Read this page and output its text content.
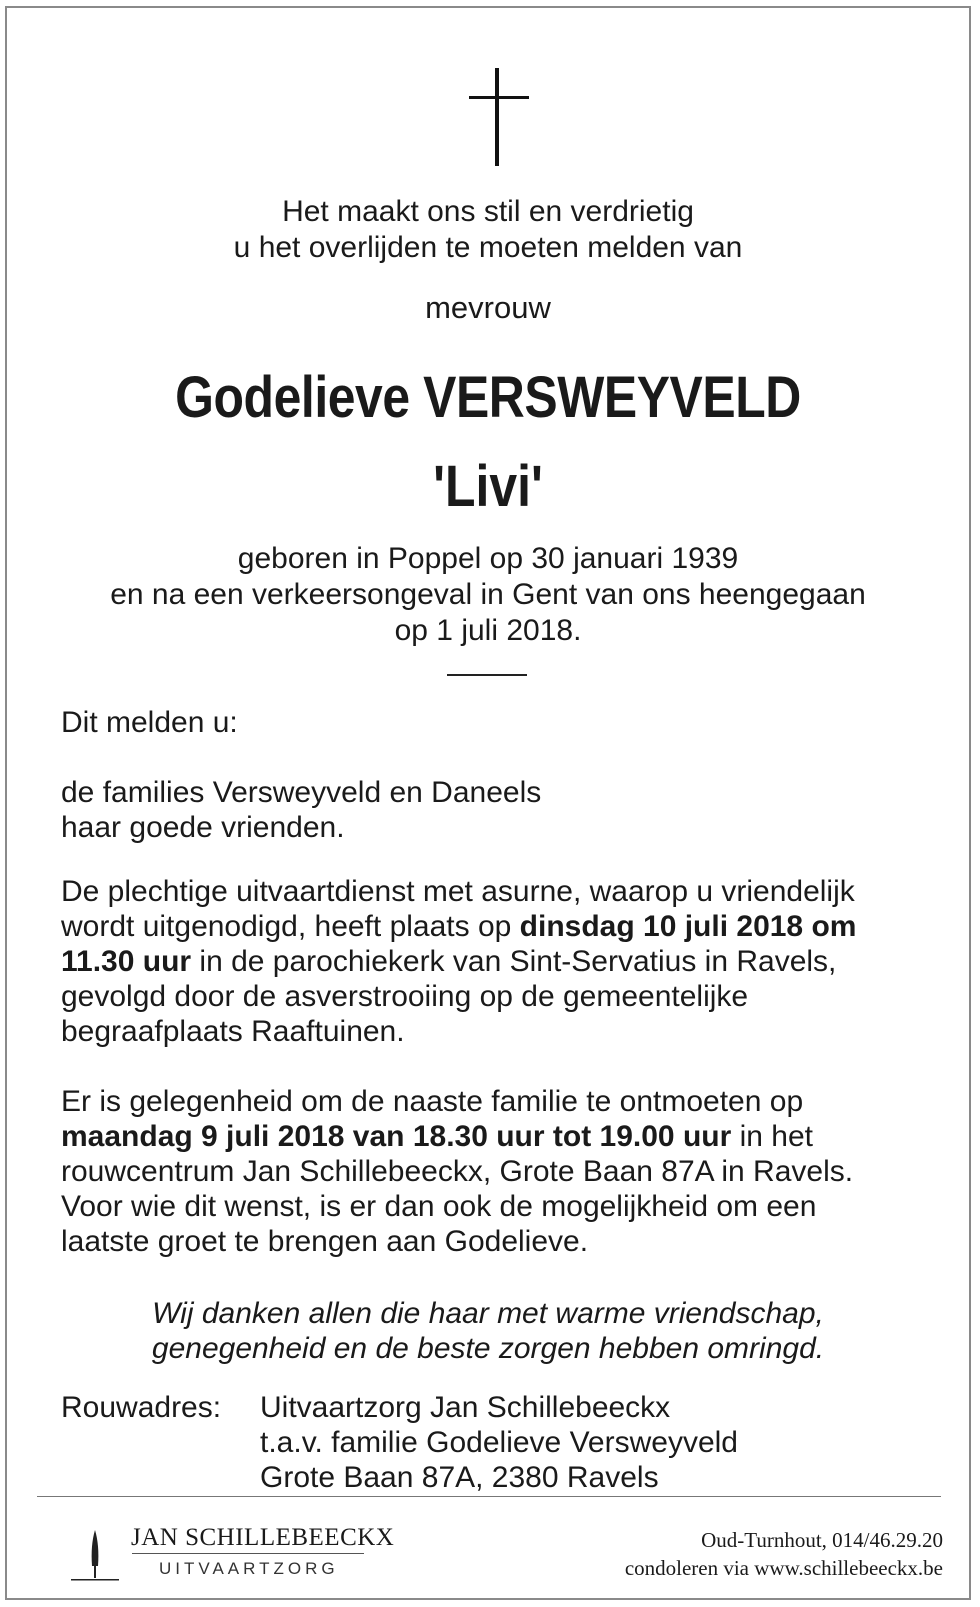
Het maakt ons stil en verdrietig
u het overlijden te moeten melden van
mevrouw
Godelieve VERSWEYVELD
'Livi'
geboren in Poppel op 30 januari 1939
en na een verkeersongeval in Gent van ons heengegaan
op 1 juli 2018.
Dit melden u:
de families Versweyveld en Daneels
haar goede vrienden.
De plechtige uitvaartdienst met asurne, waarop u vriendelijk
wordt uitgenodigd, heeft plaats op dinsdag 10 juli 2018 om
11.30 uur in de parochiekerk van Sint-Servatius in Ravels,
gevolgd door de asverstrooiing op de gemeentelijke
begraafplaats Raaftuinen.
Er is gelegenheid om de naaste familie te ontmoeten op
maandag 9 juli 2018 van 18.30 uur tot 19.00 uur in het
rouwcentrum Jan Schillebeeckx, Grote Baan 87A in Ravels.
Voor wie dit wenst, is er dan ook de mogelijkheid om een
laatste groet te brengen aan Godelieve.
Wij danken allen die haar met warme vriendschap,
genegenheid en de beste zorgen hebben omringd.
Rouwadres: Uitvaartzorg Jan Schillebeeckx
t.a.v. familie Godelieve Versweyveld
Grote Baan 87A, 2380 Ravels
JAN SCHILLEBEECKX
UITVAARTZORG
Oud-Turnhout, 014/46.29.20
condoleren via www.schillebeeckx.be
